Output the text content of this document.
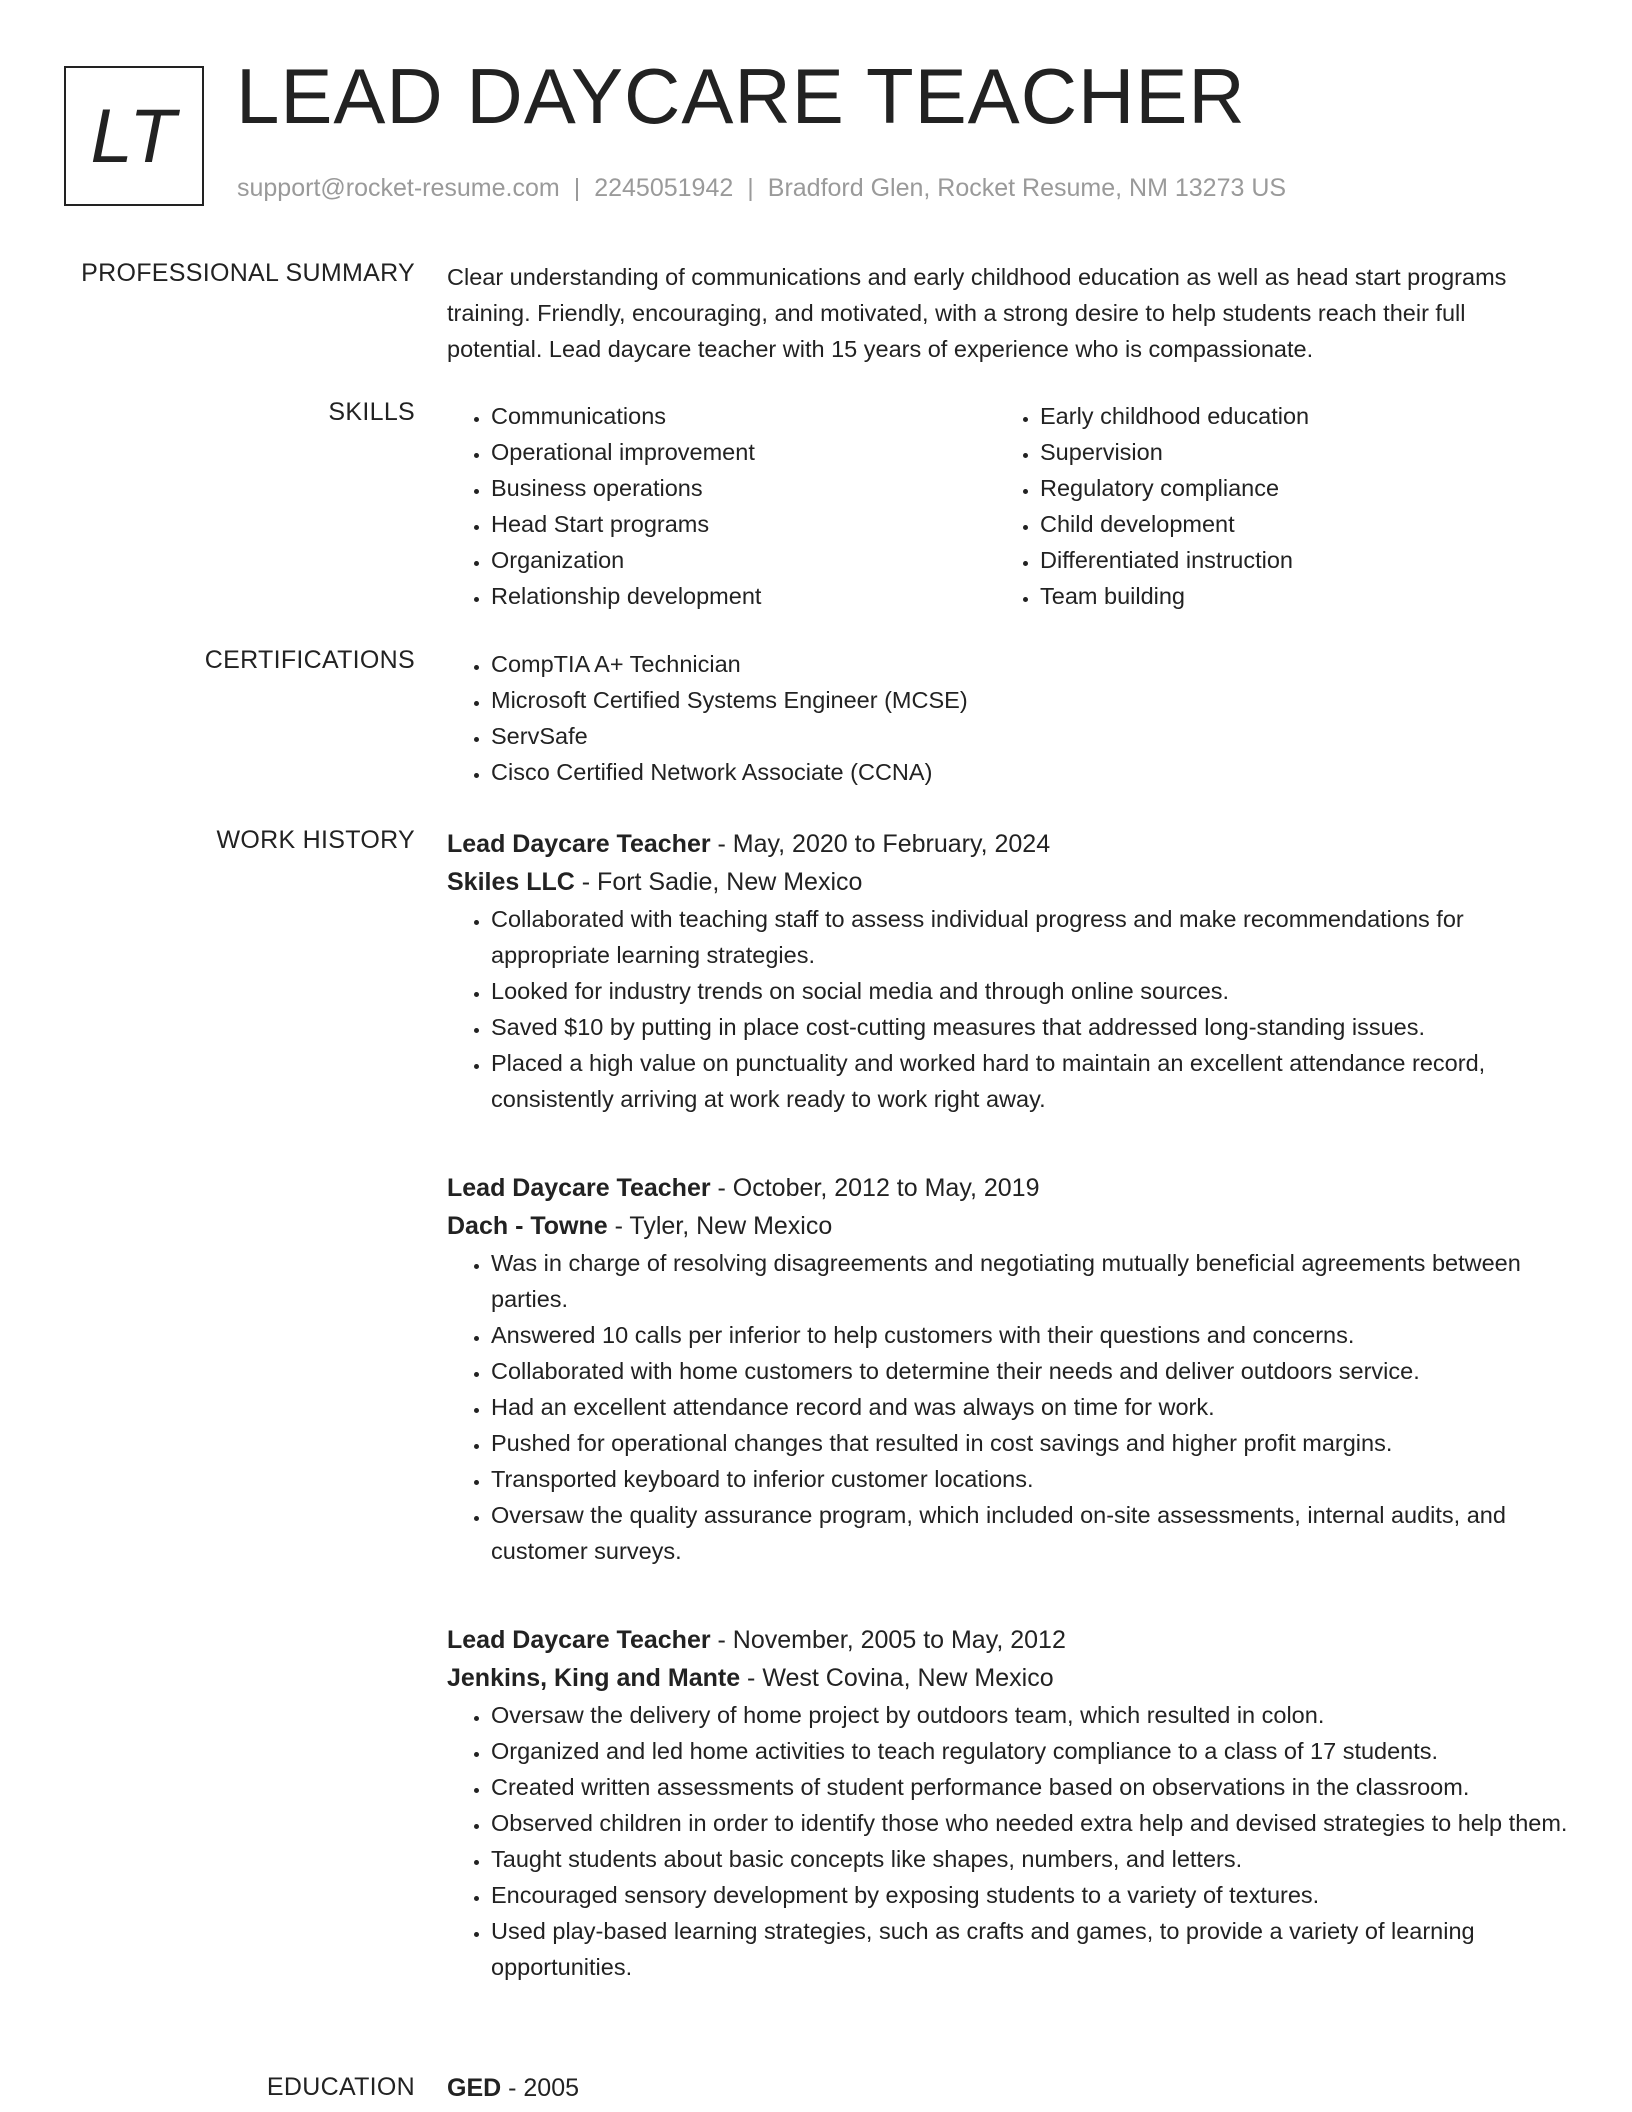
LT LEAD DAYCARE TEACHER
support@rocket-resume.com | 2245051942 | Bradford Glen, Rocket Resume, NM 13273 US
PROFESSIONAL SUMMARY Clear understanding of communications and early childhood education as well as head start programs training. Friendly, encouraging, and motivated, with a strong desire to help students reach their full potential. Lead daycare teacher with 15 years of experience who is compassionate.
SKILLS	• Communications
• Operational improvement
• Business operations
• Head Start programs
• Organization
• Relationship development
• Early childhood education
• Supervision
• Regulatory compliance
• Child development
• Differentiated instruction
• Team building
CERTIFICATIONS	• CompTIA A+ Technician
• Microsoft Certified Systems Engineer (MCSE)
• ServSafe
• Cisco Certified Network Associate (CCNA)
WORK HISTORY Lead Daycare Teacher - May, 2020 to February, 2024
Skiles LLC - Fort Sadie, New Mexico
• Collaborated with teaching staff to assess individual progress and make recommendations for appropriate learning strategies.
• Looked for industry trends on social media and through online sources.
• Saved $10 by putting in place cost-cutting measures that addressed long-standing issues.
• Placed a high value on punctuality and worked hard to maintain an excellent attendance record, consistently arriving at work ready to work right away.
Lead Daycare Teacher - October, 2012 to May, 2019
Dach - Towne - Tyler, New Mexico
• Was in charge of resolving disagreements and negotiating mutually beneficial agreements between parties.
• Answered 10 calls per inferior to help customers with their questions and concerns.
• Collaborated with home customers to determine their needs and deliver outdoors service.
• Had an excellent attendance record and was always on time for work.
• Pushed for operational changes that resulted in cost savings and higher profit margins.
• Transported keyboard to inferior customer locations.
• Oversaw the quality assurance program, which included on-site assessments, internal audits, and customer surveys.
Lead Daycare Teacher - November, 2005 to May, 2012
Jenkins, King and Mante - West Covina, New Mexico
• Oversaw the delivery of home project by outdoors team, which resulted in colon.
• Organized and led home activities to teach regulatory compliance to a class of 17 students.
• Created written assessments of student performance based on observations in the classroom.
• Observed children in order to identify those who needed extra help and devised strategies to help them.
• Taught students about basic concepts like shapes, numbers, and letters.
• Encouraged sensory development by exposing students to a variety of textures.
• Used play-based learning strategies, such as crafts and games, to provide a variety of learning opportunities.
EDUCATION GED - 2005
